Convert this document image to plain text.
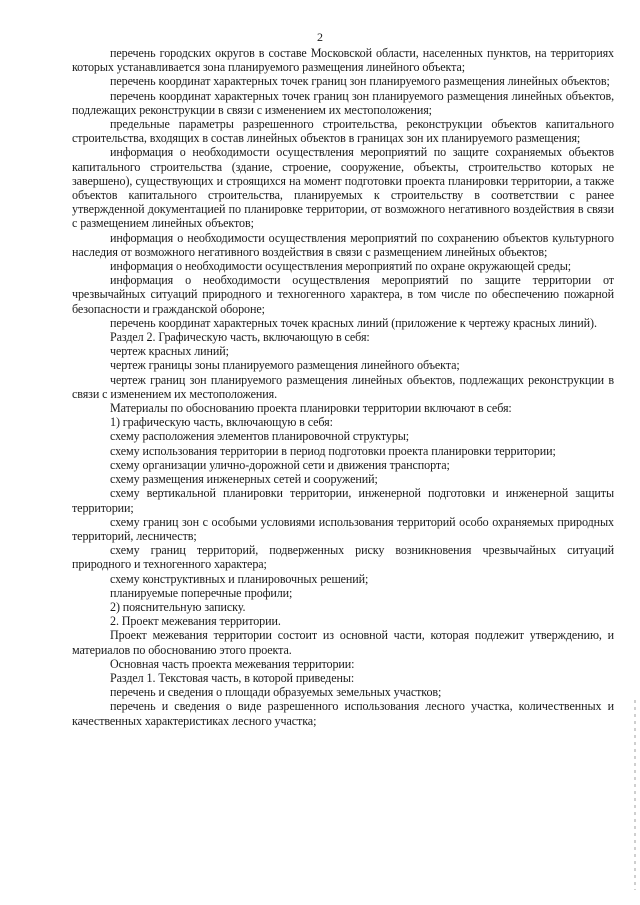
2

перечень городских округов в составе Московской области, населенных пунктов, на территориях которых устанавливается зона планируемого размещения линейного объекта;

перечень координат характерных точек границ зон планируемого размещения линейных объектов;

перечень координат характерных точек границ зон планируемого размещения линейных объектов, подлежащих реконструкции в связи с изменением их местоположения;

предельные параметры разрешенного строительства, реконструкции объектов капитального строительства, входящих в состав линейных объектов в границах зон их планируемого размещения;

информация о необходимости осуществления мероприятий по защите сохраняемых объектов капитального строительства (здание, строение, сооружение, объекты, строительство которых не завершено), существующих и строящихся на момент подготовки проекта планировки территории, а также объектов капитального строительства, планируемых к строительству в соответствии с ранее утвержденной документацией по планировке территории, от возможного негативного воздействия в связи с размещением линейных объектов;

информация о необходимости осуществления мероприятий по сохранению объектов культурного наследия от возможного негативного воздействия в связи с размещением линейных объектов;

информация о необходимости осуществления мероприятий по охране окружающей среды;

информация о необходимости осуществления мероприятий по защите территории от чрезвычайных ситуаций природного и техногенного характера, в том числе по обеспечению пожарной безопасности и гражданской обороне;

перечень координат характерных точек красных линий (приложение к чертежу красных линий).

Раздел 2. Графическую часть, включающую в себя:

чертеж красных линий;

чертеж границы зоны планируемого размещения линейного объекта;

чертеж границ зон планируемого размещения линейных объектов, подлежащих реконструкции в связи с изменением их местоположения.

Материалы по обоснованию проекта планировки территории включают в себя:

1) графическую часть, включающую в себя:

схему расположения элементов планировочной структуры;

схему использования территории в период подготовки проекта планировки территории;

схему организации улично-дорожной сети и движения транспорта;

схему размещения инженерных сетей и сооружений;

схему вертикальной планировки территории, инженерной подготовки и инженерной защиты территории;

схему границ зон с особыми условиями использования территорий особо охраняемых природных территорий, лесничеств;

схему границ территорий, подверженных риску возникновения чрезвычайных ситуаций природного и техногенного характера;

схему конструктивных и планировочных решений;

планируемые поперечные профили;

2) пояснительную записку.

2. Проект межевания территории.

Проект межевания территории состоит из основной части, которая подлежит утверждению, и материалов по обоснованию этого проекта.

Основная часть проекта межевания территории:

Раздел 1. Текстовая часть, в которой приведены:

перечень и сведения о площади образуемых земельных участков;

перечень и сведения о виде разрешенного использования лесного участка, количественных и качественных характеристиках лесного участка;
